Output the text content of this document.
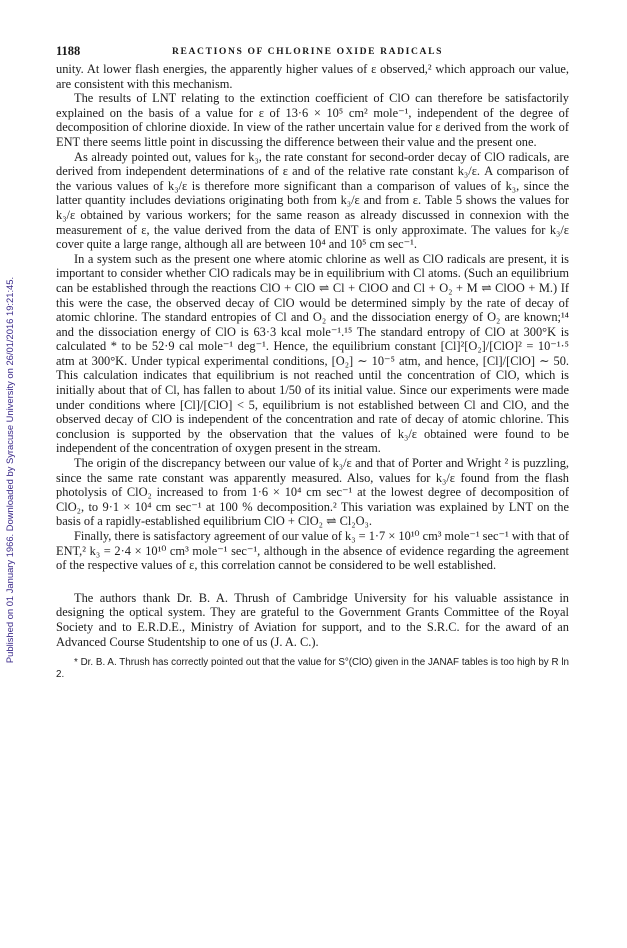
1188	REACTIONS OF CHLORINE OXIDE RADICALS
Published on 01 January 1966. Downloaded by Syracuse University on 26/01/2016 19:21:45.

unity. At lower flash energies, the apparently higher values of ε observed,² which approach our value, are consistent with this mechanism.

The results of LNT relating to the extinction coefficient of ClO can therefore be satisfactorily explained on the basis of a value for ε of 13·6 × 10⁵ cm² mole⁻¹, independent of the degree of decomposition of chlorine dioxide. In view of the rather uncertain value for ε derived from the work of ENT there seems little point in discussing the difference between their value and the present one.

As already pointed out, values for k₃, the rate constant for second-order decay of ClO radicals, are derived from independent determinations of ε and of the relative rate constant k₃/ε. A comparison of the various values of k₃/ε is therefore more significant than a comparison of values of k₃, since the latter quantity includes deviations originating both from k₃/ε and from ε. Table 5 shows the values for k₃/ε obtained by various workers; for the same reason as already discussed in connexion with the measurement of ε, the value derived from the data of ENT is only approximate. The values for k₃/ε cover quite a large range, although all are between 10⁴ and 10⁵ cm sec⁻¹.

In a system such as the present one where atomic chlorine as well as ClO radicals are present, it is important to consider whether ClO radicals may be in equilibrium with Cl atoms. (Such an equilibrium can be established through the reactions ClO + ClO ⇌ Cl + ClOO and Cl + O₂ + M ⇌ ClOO + M.) If this were the case, the observed decay of ClO would be determined simply by the rate of decay of atomic chlorine. The standard entropies of Cl and O₂ and the dissociation energy of O₂ are known;¹⁴ and the dissociation energy of ClO is 63·3 kcal mole⁻¹.¹⁵ The standard entropy of ClO at 300°K is calculated * to be 52·9 cal mole⁻¹ deg⁻¹. Hence, the equilibrium constant [Cl]²[O₂]/[ClO]² = 10⁻¹·⁵ atm at 300°K. Under typical experimental conditions, [O₂] ∼ 10⁻⁵ atm, and hence, [Cl]/[ClO] ∼ 50. This calculation indicates that equilibrium is not reached until the concentration of ClO, which is initially about that of Cl, has fallen to about 1/50 of its initial value. Since our experiments were made under conditions where [Cl]/[ClO] < 5, equilibrium is not established between Cl and ClO, and the observed decay of ClO is independent of the concentration and rate of decay of atomic chlorine. This conclusion is supported by the observation that the values of k₃/ε obtained were found to be independent of the concentration of oxygen present in the stream.

The origin of the discrepancy between our value of k₃/ε and that of Porter and Wright ² is puzzling, since the same rate constant was apparently measured. Also, values for k₃/ε found from the flash photolysis of ClO₂ increased to from 1·6 × 10⁴ cm sec⁻¹ at the lowest degree of decomposition of ClO₂, to 9·1 × 10⁴ cm sec⁻¹ at 100 % decomposition.² This variation was explained by LNT on the basis of a rapidly-established equilibrium ClO + ClO₂ ⇌ Cl₂O₃.

Finally, there is satisfactory agreement of our value of k₃ = 1·7 × 10¹⁰ cm³ mole⁻¹ sec⁻¹ with that of ENT,² k₃ = 2·4 × 10¹⁰ cm³ mole⁻¹ sec⁻¹, although in the absence of evidence regarding the agreement of the respective values of ε, this correlation cannot be considered to be well established.

The authors thank Dr. B. A. Thrush of Cambridge University for his valuable assistance in designing the optical system. They are grateful to the Government Grants Committee of the Royal Society and to E.R.D.E., Ministry of Aviation for support, and to the S.R.C. for the award of an Advanced Course Studentship to one of us (J. A. C.).

* Dr. B. A. Thrush has correctly pointed out that the value for S°(ClO) given in the JANAF tables is too high by R ln 2.
